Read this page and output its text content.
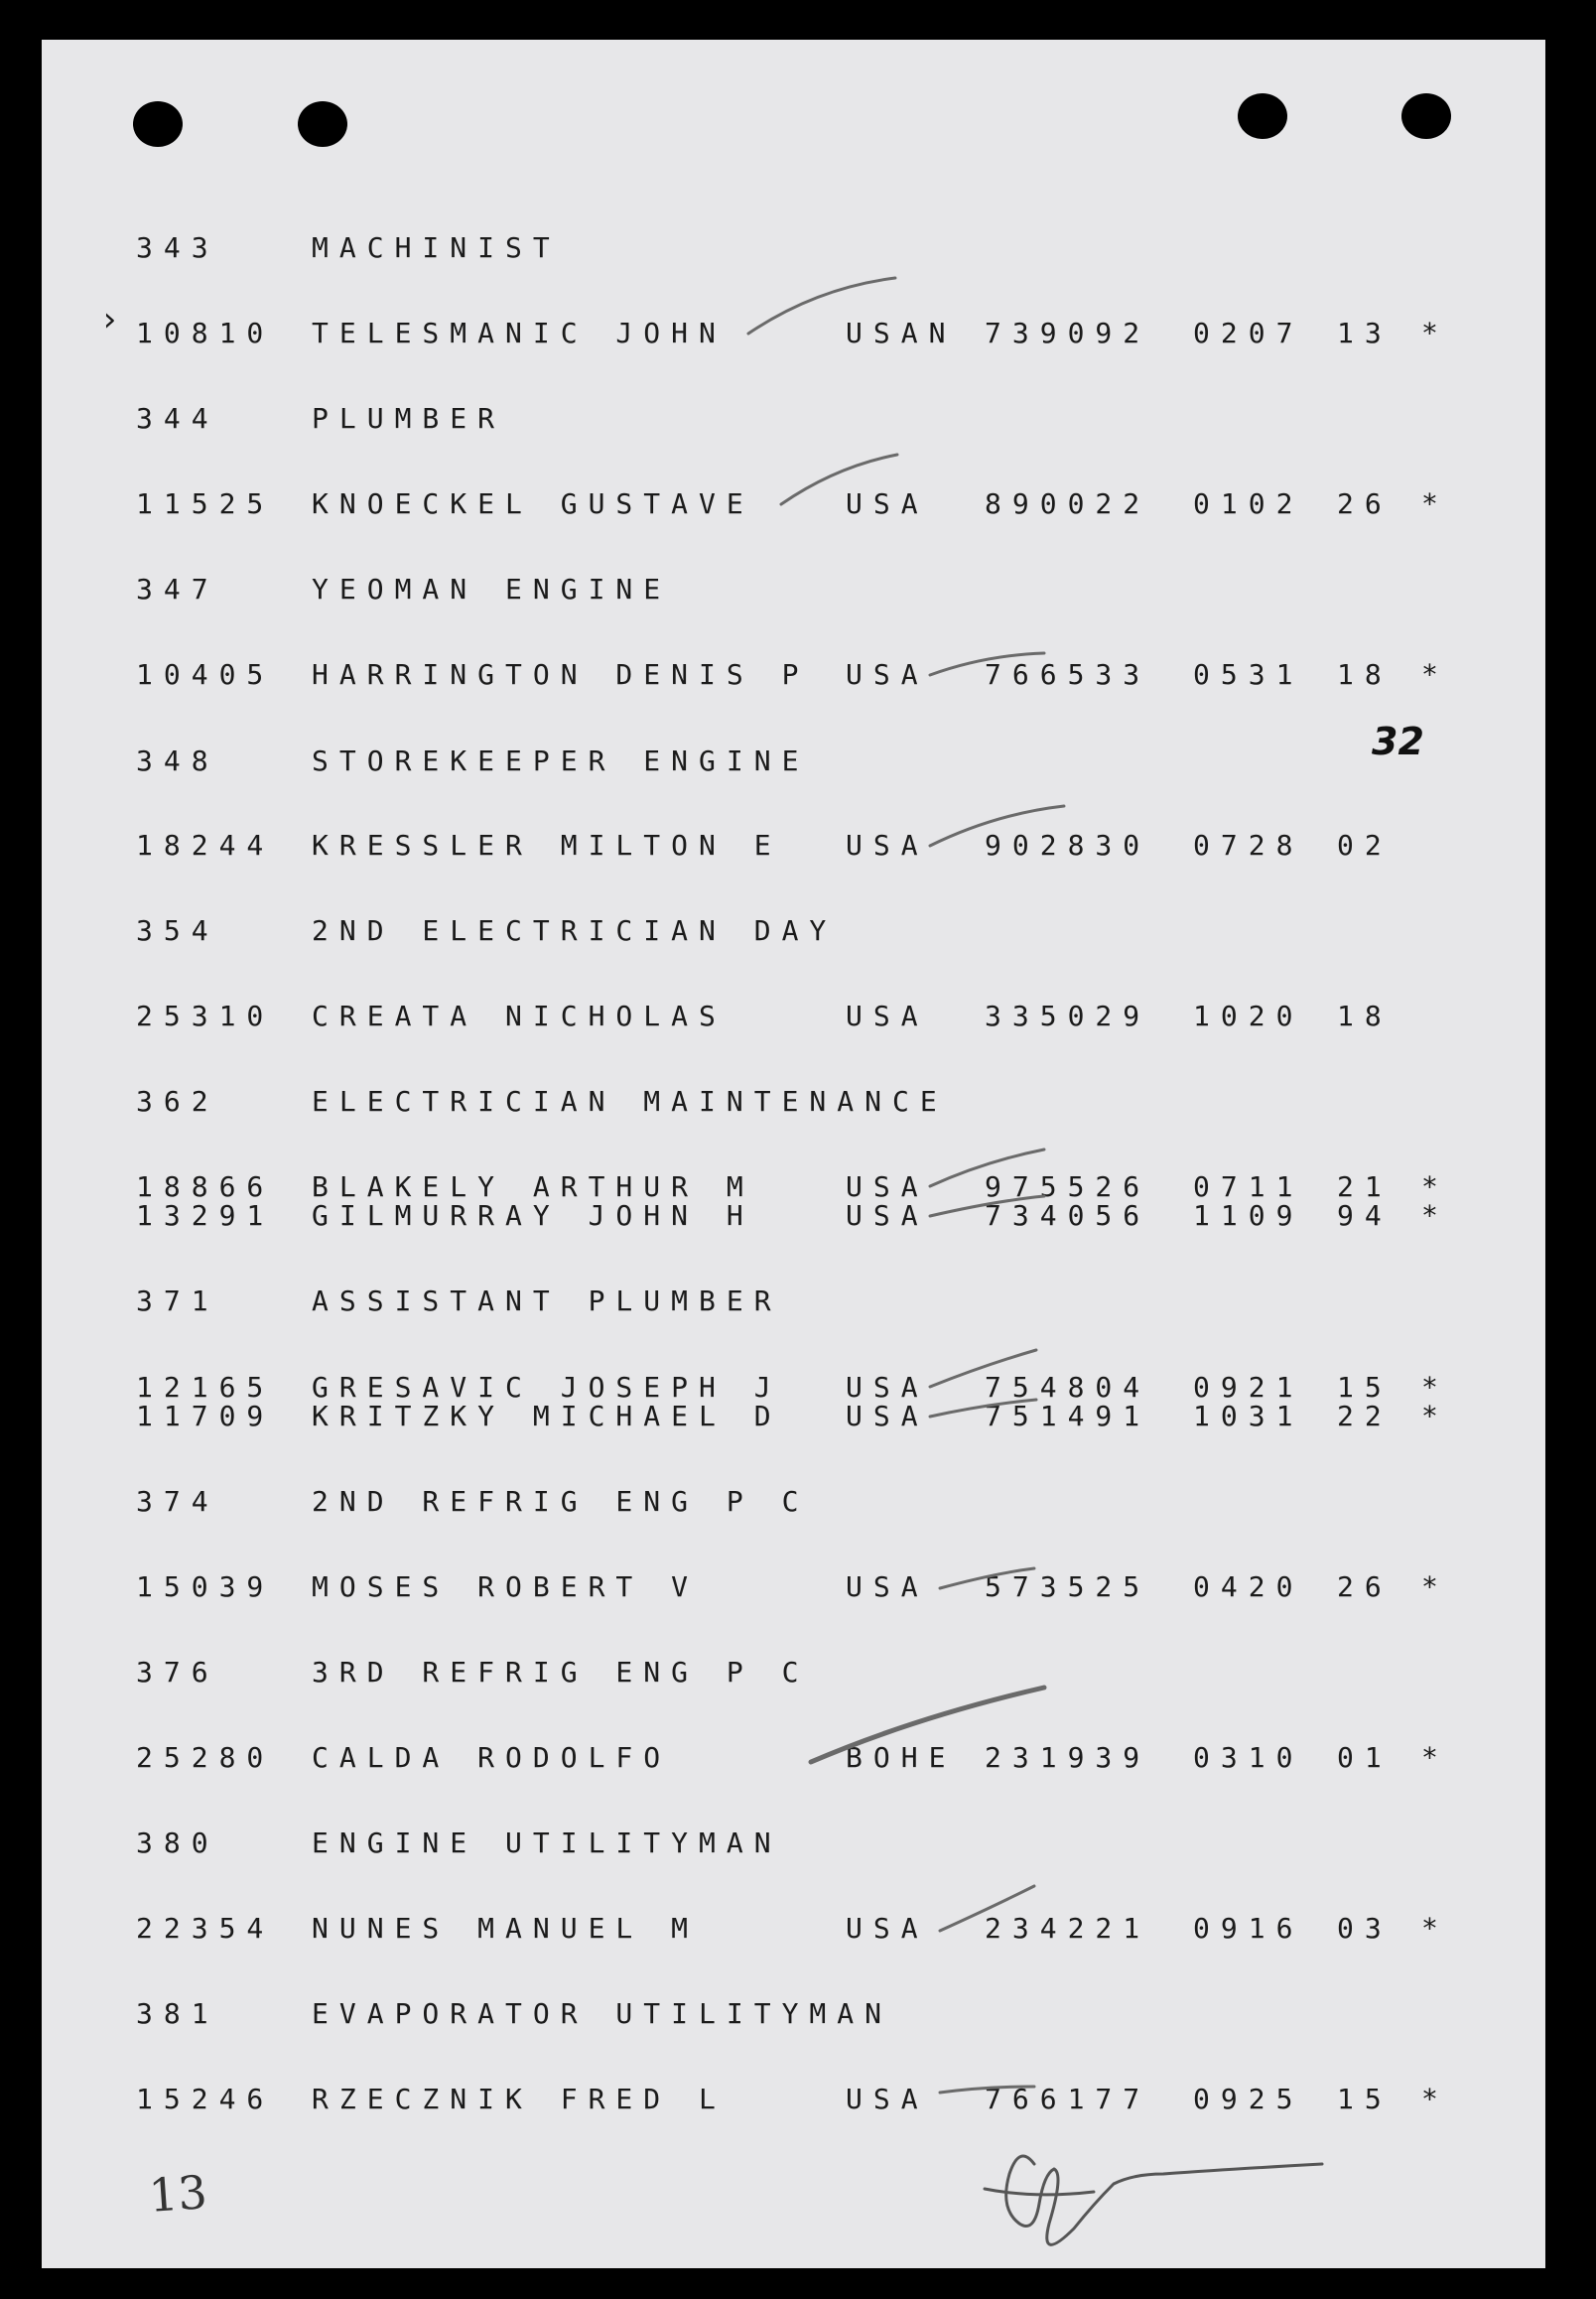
›
343	MACHINIST
10810 TELESMANIC JOHN	USAN 739092 0207 13 *
344	PLUMBER
11525 KNOECKEL GUSTAVE	USA 890022 0102 26 *
347	YEOMAN ENGINE
10405 HARRINGTON DENIS P USA 766533 0531 18 *
348	STOREKEEPER ENGINE
18244 KRESSLER MILTON E USA 902830 0728 02
354	2ND ELECTRICIAN DAY
25310 CREATA NICHOLAS	USA 335029 1020 18
362	ELECTRICIAN MAINTENANCE
18866 BLAKELY ARTHUR M	USA 975526 0711 21 *
13291 GILMURRAY JOHN H	USA 734056 1109 94 *
371	ASSISTANT PLUMBER
12165 GRESAVIC JOSEPH J USA 754804 0921 15 *
11709 KRITZKY MICHAEL D USA 751491 1031 22 *
374	2ND REFRIG ENG P C
15039 MOSES ROBERT V	USA 573525 0420 26 *
376	3RD REFRIG ENG P C
25280 CALDA RODOLFO	BOHE 231939 0310 01 *
380	ENGINE UTILITYMAN
22354 NUNES MANUEL M	USA 234221 0916 03 *
381	EVAPORATOR UTILITYMAN
15246 RZECZNIK FRED L	USA 766177 0925 15 *
32
13
